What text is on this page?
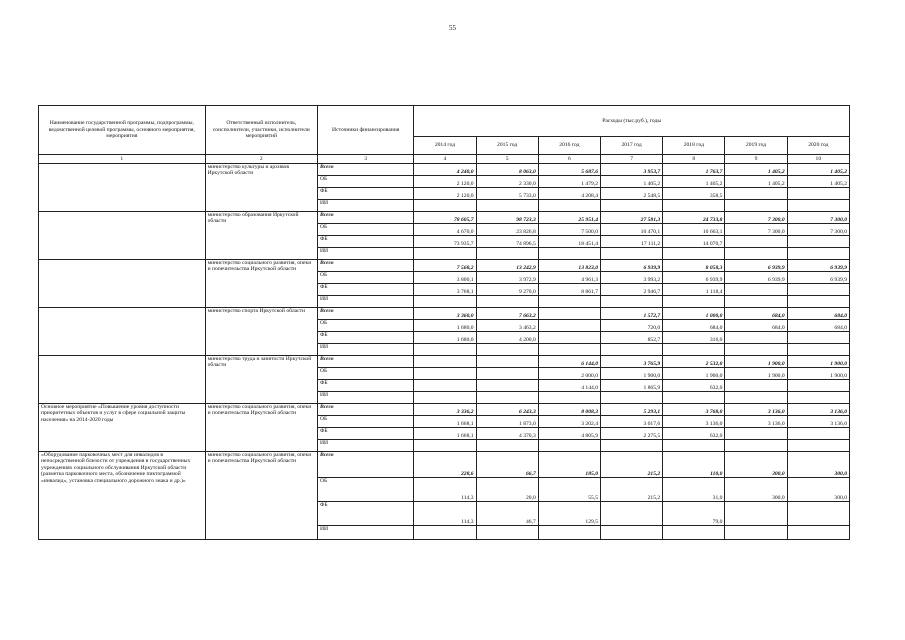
55
Наименование государственной программы, подпрограммы, ведомственной целевой программы, основного мероприятия, мероприятия	Ответственный исполнитель, соисполнители, участники, исполнители мероприятий	Источники финансирования	Расходы (тыс.руб.), годы						
			2014 год	2015 год	2016 год	2017 год	2018 год	2019 год	2020 год
1	2	3	4	5	6	7	8	9	10
	министерство культуры и архивов Иркутской области	Всего	4 240,0	8 063,0	5 687,6	3 953,7	1 763,7	1 405,2	1 405,2
		ОБ	2 120,0	2 330,0	1 479,2	1 405,2	1 405,2	1 405,2	1 405,2
		ФБ	2 120,0	5 733,0	4 208,4	2 548,5	358,5		
		ИИ							
	министерство образования Иркутской области	Всего	78 605,7	98 723,3	25 951,4	27 581,3	24 733,8	7 300,0	7 300,0
		ОБ	4 670,0	23 826,8	7 500,0	10 470,1	10 663,1	7 300,0	7 300,0
		ФБ	73 935,7	74 896,5	18 451,4	17 111,2	14 070,7		
		ИИ							
	министерство социального развития, опеки и попечительства Иркутской области	Всего	7 568,2	13 242,9	13 823,0	6 939,9	8 058,3	6 939,9	6 939,9
		ОБ	3 800,1	3 972,9	4 961,3	3 993,2	6 939,9	6 939,9	6 939,9
		ФБ	3 768,1	9 270,0	8 861,7	2 946,7	1 118,4		
		ИИ							
	министерство спорта Иркутской области	Всего	3 360,0	7 663,2		1 572,7	1 000,0	684,0	684,0
		ОБ	1 680,0	3 463,2		720,0	684,0	684,0	684,0
		ФБ	1 680,0	4 200,0		852,7	316,0		
		ИИ							
	министерство труда и занятости Иркутской области	Всего			6 144,0	3 765,9	2 532,0	1 900,0	1 900,0
		ОБ			2 000,0	1 900,0	1 900,0	1 900,0	1 900,0
		ФБ			4 144,0	1 865,9	632,0		
		ИИ							
Основное мероприятие «Повышение уровня доступности приоритетных объектов и услуг в сфере социальной защиты населения» на 2014-2020 годы	министерство социального развития, опеки и попечительства Иркутской области	Всего	3 336,2	6 243,3	8 008,3	5 293,1	3 768,0	3 136,0	3 136,0
		ОБ	1 668,1	1 873,0	3 202,4	3 017,6	3 136,0	3 136,0	3 136,0
		ФБ	1 668,1	4 370,3	4 805,9	2 275,5	632,0		
		ИИ							
«Оборудование парковочных мест для инвалидов в непосредственной близости от учреждения в государственных учреждениях социального обслуживания Иркутской области (разметка парковочного места, обозначение пиктограммой «инвалид», установка специального дорожного знака и др.)»	министерство социального развития, опеки и попечительства Иркутской области	Всего	228,6	66,7	185,0	215,2	110,0	300,0	300,0
		ОБ	114,3	20,0	55,5	215,2	31,0	300,0	300,0
		ФБ	114,3	46,7	129,5		79,0		
		ИИ							
